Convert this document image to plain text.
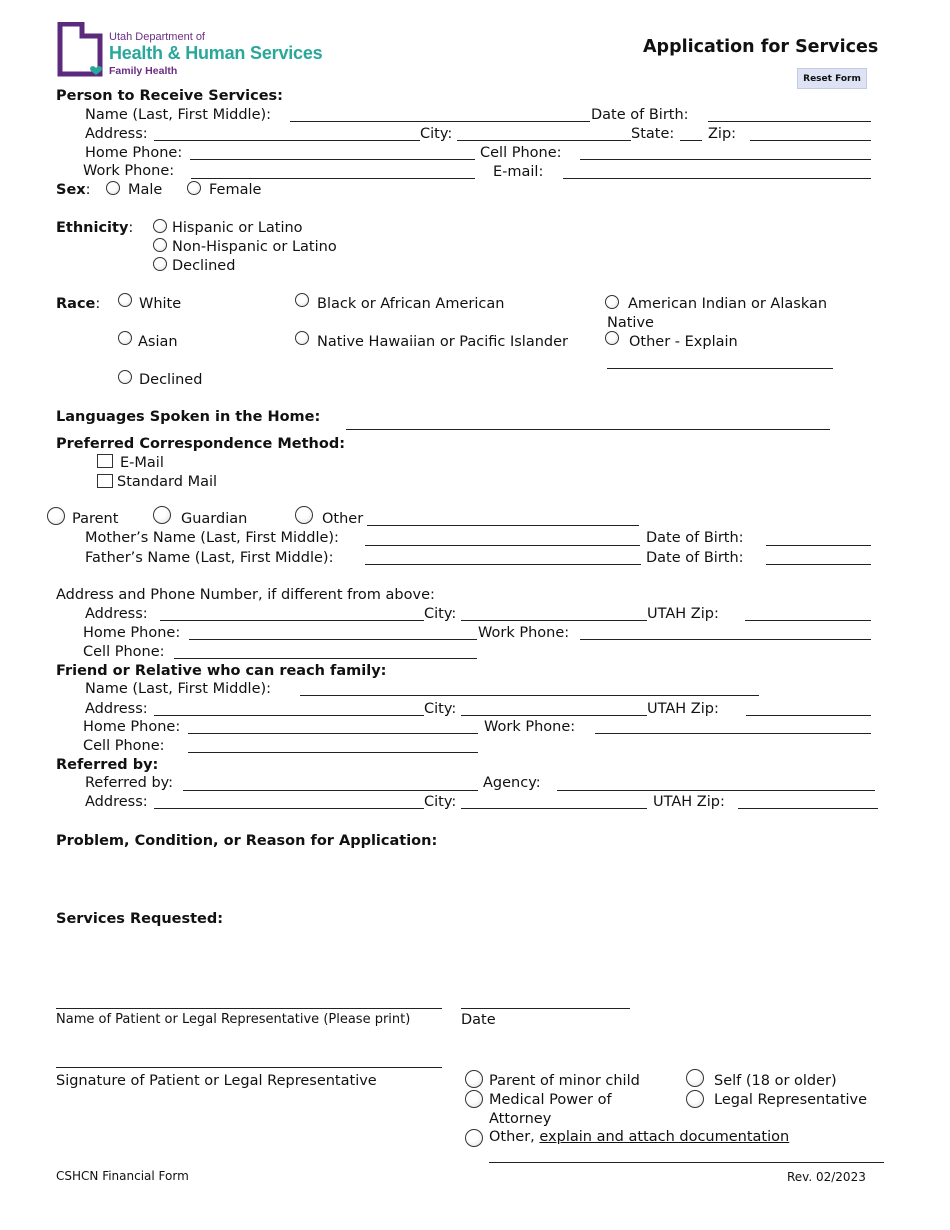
Utah Department of
Health & Human Services
Family Health
Application for Services
Reset Form
Person to Receive Services:
Name (Last, First Middle):	Date of Birth:
Address:	City:	State: Zip:
Home Phone:	Cell Phone:
Work Phone:	E-mail:
Sex:	Male	Female
Ethnicity:	Hispanic or Latino
Non-Hispanic or Latino
Declined
Race:	White	Black or African American	American Indian or Alaskan
Native
Asian	Native Hawaiian or Pacific Islander	Other - Explain
Declined
Languages Spoken in the Home:
Preferred Correspondence Method:
E-Mail
Standard Mail
Parent	Guardian	Other
Mother’s Name (Last, First Middle):	Date of Birth:
Father’s Name (Last, First Middle):	Date of Birth:
Address and Phone Number, if different from above:
Address:	City:	UTAH Zip:
Home Phone:	Work Phone:
Cell Phone:
Friend or Relative who can reach family:
Name (Last, First Middle):
Address:	City:	UTAH Zip:
Home Phone:	Work Phone:
Cell Phone:
Referred by:
Referred by:	Agency:
Address:	City:	UTAH Zip:
Problem, Condition, or Reason for Application:
Services Requested:
Name of Patient or Legal Representative (Please print)	Date
Signature of Patient or Legal Representative	Parent of minor child	Self (18 or older)
Medical Power of
Attorney
Legal Representative
Other, explain and attach documentation
CSHCN Financial Form	Rev. 02/2023
